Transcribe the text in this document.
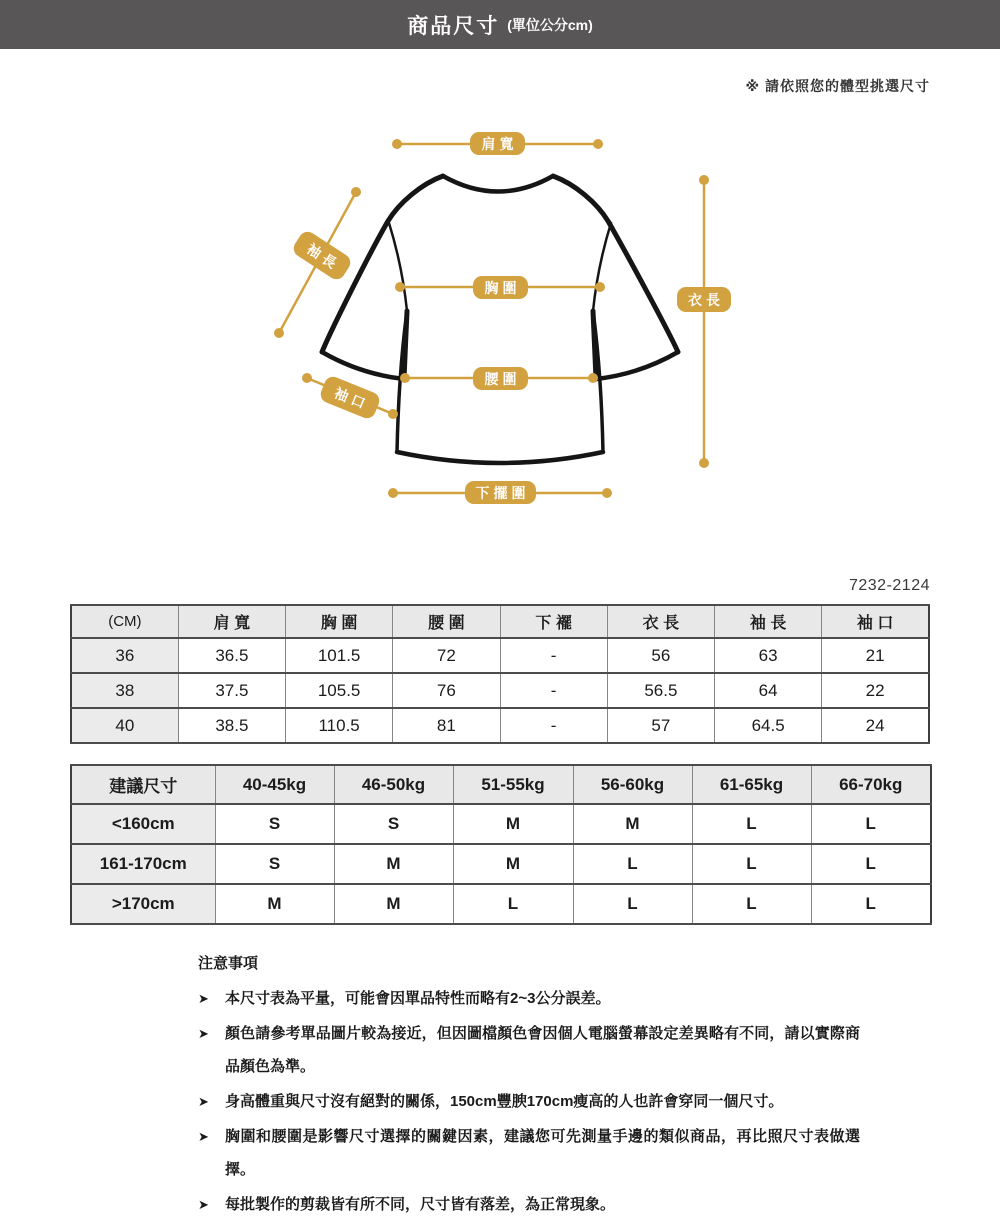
商品尺寸 (單位公分cm)
※ 請依照您的體型挑選尺寸
肩寬
袖長
胸圍
衣長
腰圍
袖口
下擺圍
7232-2124
(CM)	肩 寬	胸 圍	腰 圍	下 襬	衣 長	袖 長	袖 口
36	36.5	101.5	72	-	56	63	21
38	37.5	105.5	76	-	56.5	64	22
40	38.5	110.5	81	-	57	64.5	24
建議尺寸	40-45kg	46-50kg	51-55kg	56-60kg	61-65kg	66-70kg
<160cm	S	S	M	M	L	L
161-170cm	S	M	M	L	L	L
>170cm	M	M	L	L	L	L
注意事項
➤ 本尺寸表為平量，可能會因單品特性而略有2~3公分誤差。
➤ 顏色請參考單品圖片較為接近，但因圖檔顏色會因個人電腦螢幕設定差異略有不同，請以實際商品顏色為準。
➤ 身高體重與尺寸沒有絕對的關係，150cm豐腴170cm瘦高的人也許會穿同一個尺寸。
➤ 胸圍和腰圍是影響尺寸選擇的關鍵因素，建議您可先測量手邊的類似商品，再比照尺寸表做選擇。
➤ 每批製作的剪裁皆有所不同，尺寸皆有落差，為正常現象。
